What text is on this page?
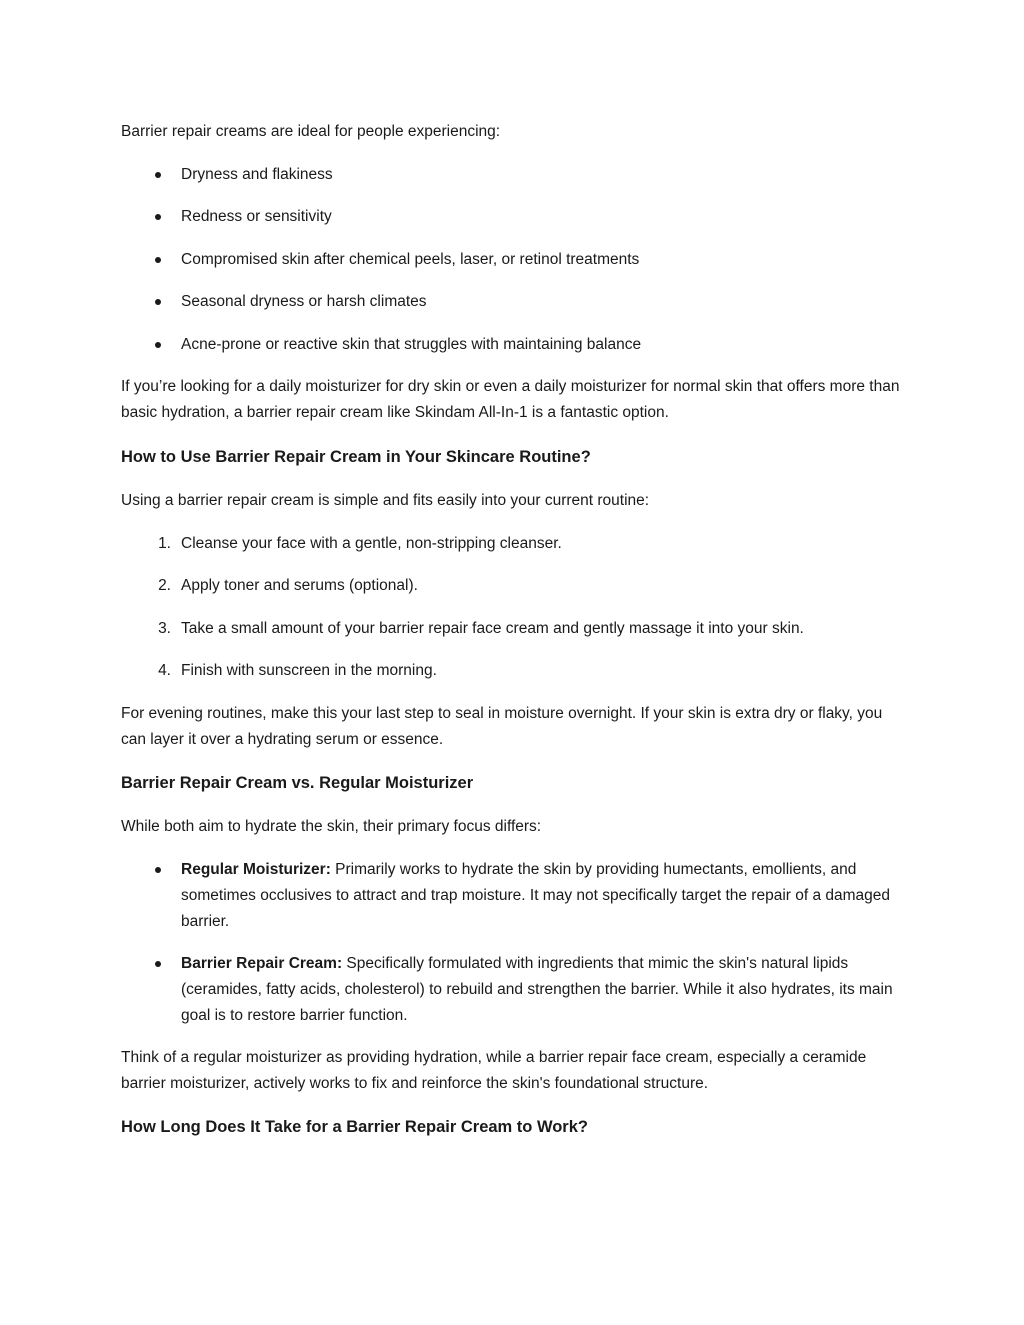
Barrier repair creams are ideal for people experiencing:

Dryness and flakiness
Redness or sensitivity
Compromised skin after chemical peels, laser, or retinol treatments
Seasonal dryness or harsh climates
Acne-prone or reactive skin that struggles with maintaining balance

If you’re looking for a daily moisturizer for dry skin or even a daily moisturizer for normal skin that offers more than basic hydration, a barrier repair cream like Skindam All-In-1 is a fantastic option.

How to Use Barrier Repair Cream in Your Skincare Routine?

Using a barrier repair cream is simple and fits easily into your current routine:

1. Cleanse your face with a gentle, non-stripping cleanser.
2. Apply toner and serums (optional).
3. Take a small amount of your barrier repair face cream and gently massage it into your skin.
4. Finish with sunscreen in the morning.

For evening routines, make this your last step to seal in moisture overnight. If your skin is extra dry or flaky, you can layer it over a hydrating serum or essence.

Barrier Repair Cream vs. Regular Moisturizer

While both aim to hydrate the skin, their primary focus differs:

Regular Moisturizer: Primarily works to hydrate the skin by providing humectants, emollients, and sometimes occlusives to attract and trap moisture. It may not specifically target the repair of a damaged barrier.
Barrier Repair Cream: Specifically formulated with ingredients that mimic the skin's natural lipids (ceramides, fatty acids, cholesterol) to rebuild and strengthen the barrier. While it also hydrates, its main goal is to restore barrier function.

Think of a regular moisturizer as providing hydration, while a barrier repair face cream, especially a ceramide barrier moisturizer, actively works to fix and reinforce the skin's foundational structure.

How Long Does It Take for a Barrier Repair Cream to Work?
